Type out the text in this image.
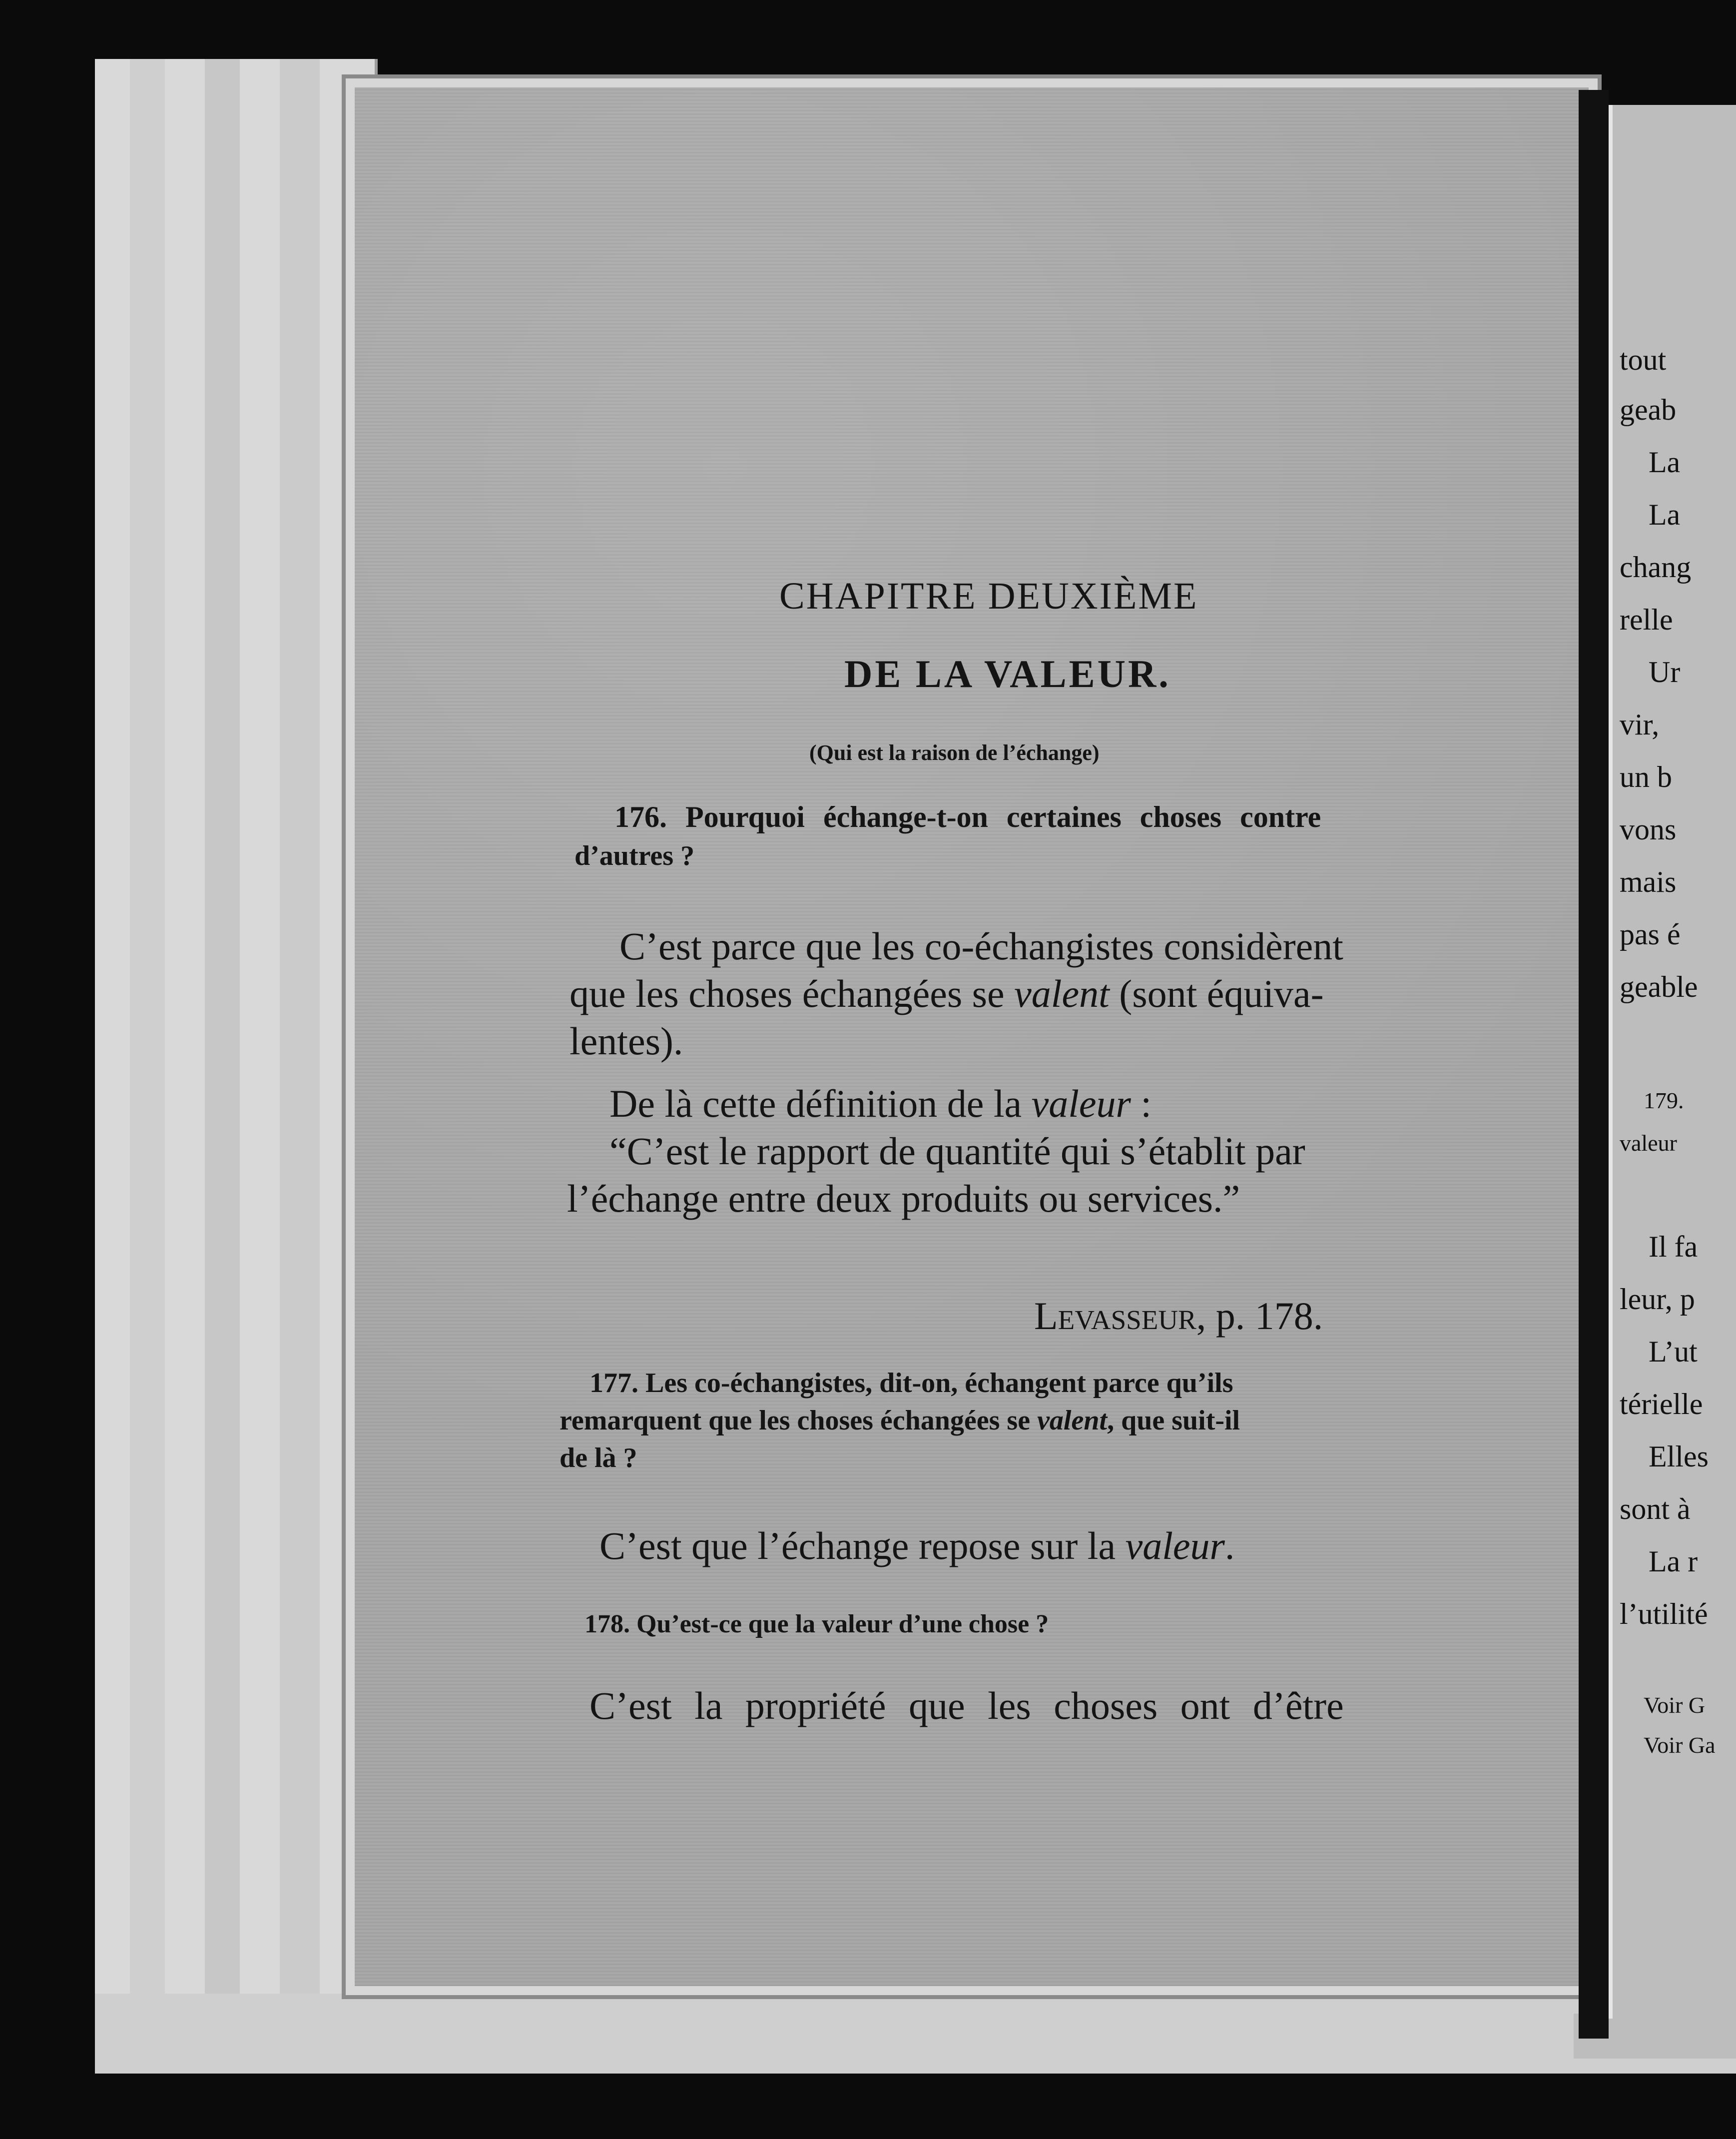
CHAPITRE DEUXIÈME
DE LA VALEUR.
(Qui est la raison de l’échange)
176. Pourquoi échange-t-on certaines choses contre
d’autres ?
C’est parce que les co-échangistes considèrent
que les choses échangées se valent (sont équiva-
lentes).
De là cette définition de la valeur :
“C’est le rapport de quantité qui s’établit par
l’échange entre deux produits ou services.”
Levasseur, p. 178.
177. Les co-échangistes, dit-on, échangent parce qu’ils
remarquent que les choses échangées se valent, que suit-il
de là ?
C’est que l’échange repose sur la valeur.
178. Qu’est-ce que la valeur d’une chose ?
C’est la propriété que les choses ont d’être
tout
geab
La
La
chang
relle
Ur
vir,
un b
vons
mais
pas é
geable
179.
valeur
Il fa
leur, p
L’ut
térielle
Elles
sont à
La r
l’utilité
Voir G
Voir Ga
